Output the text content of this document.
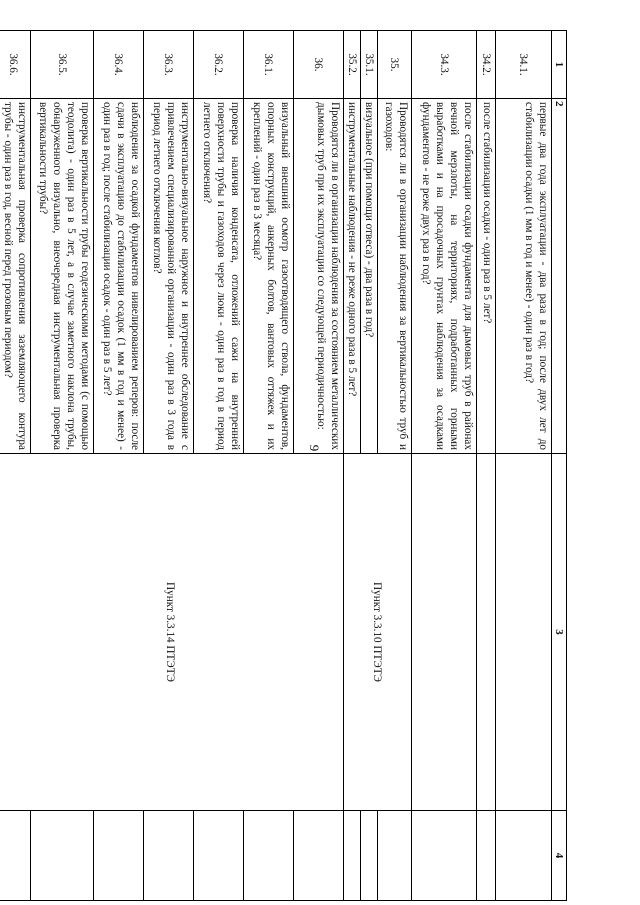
9
1	2	3	4
34.1.	первые два года эксплуатации - два раза в год; после двух лет до стабилизации осадки (1 мм в год и менее) - один раз в год?		
34.2.	после стабилизации осадки - один раз в 5 лет?		
34.3.	после стабилизации осадки фундамента для дымовых труб в районах вечной мерзлоты, на территориях, подработанных горными выработками и на просадочных грунтах наблюдения за осадками фундаментов - не реже двух раз в год?		
35.	Проводятся ли в организации наблюдения за вертикальностью труб и газоходов:	Пункт 3.3.10 ПТЭТЭ	
35.1.	визуальное (при помощи отвеса) - два раза в год?		
35.2.	инструментальные наблюдения - не реже одного раза в 5 лет?		
36.	Проводятся ли в организации наблюдения за состоянием металлических дымовых труб при их эксплуатации со следующей периодичностью:	Пункт 3.3.14 ПТЭТЭ	
36.1.	визуальный внешний осмотр газоотводящего ствола, фундаментов, опорных конструкций, анкерных болтов, вантовых оттяжек и их креплений - один раз в 3 месяца?		
36.2.	проверка наличия конденсата, отложений сажи на внутренней поверхности трубы и газоходов через люки - один раз в год в период летнего отключения?		
36.3.	инструментально-визуальное наружное и внутреннее обследование с привлечением специализированной организации - один раз в 3 года в период летнего отключения котлов?		
36.4.	наблюдение за осадкой фундаментов нивелированием реперов: после сдачи в эксплуатацию до стабилизации осадок (1 мм в год и менее) - один раз в год; после стабилизации осадок - один раз в 5 лет?		
36.5.	проверка вертикальности трубы геодезическими методами (с помощью теодолита) - один раз в 5 лет, а в случае заметного наклона трубы, обнаруженного визуально, внеочередная инструментальная проверка вертикальности трубы?		
36.6.	инструментальная проверка сопротивления заземляющего контура трубы - один раз в год, весной перед грозовым периодом?		
